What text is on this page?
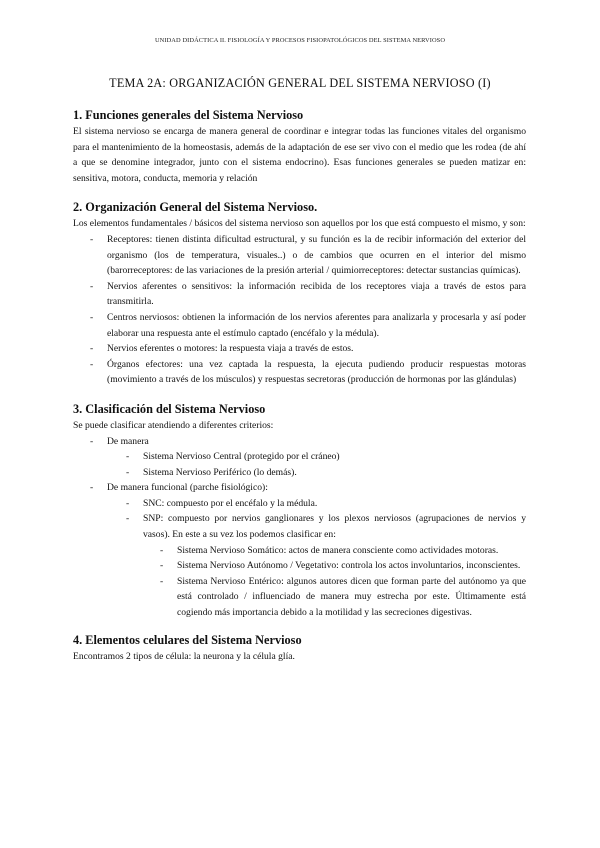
UNIDAD DIDÁCTICA II. FISIOLOGÍA Y PROCESOS FISIOPATOLÓGICOS DEL SISTEMA NERVIOSO
TEMA 2A: ORGANIZACIÓN GENERAL DEL SISTEMA NERVIOSO (I)
1. Funciones generales del Sistema Nervioso

El sistema nervioso se encarga de manera general de coordinar e integrar todas las funciones vitales del organismo para el mantenimiento de la homeostasis, además de la adaptación de ese ser vivo con el medio que les rodea (de ahí a que se denomine integrador, junto con el sistema endocrino). Esas funciones generales se pueden matizar en: sensitiva, motora, conducta, memoria y relación

2. Organización General del Sistema Nervioso.

Los elementos fundamentales / básicos del sistema nervioso son aquellos por los que está compuesto el mismo, y son:

- Receptores: tienen distinta dificultad estructural, y su función es la de recibir información del exterior del organismo (los de temperatura, visuales..) o de cambios que ocurren en el interior del mismo (barorreceptores: de las variaciones de la presión arterial / quimiorreceptores: detectar sustancias químicas).
- Nervios aferentes o sensitivos: la información recibida de los receptores viaja a través de estos para transmitirla.
- Centros nerviosos: obtienen la información de los nervios aferentes para analizarla y procesarla y así poder elaborar una respuesta ante el estímulo captado (encéfalo y la médula).
- Nervios eferentes o motores: la respuesta viaja a través de estos.
- Órganos efectores: una vez captada la respuesta, la ejecuta pudiendo producir respuestas motoras (movimiento a través de los músculos) y respuestas secretoras (producción de hormonas por las glándulas)
3. Clasificación del Sistema Nervioso

Se puede clasificar atendiendo a diferentes criterios:

- De manera
- Sistema Nervioso Central (protegido por el cráneo)
- Sistema Nervioso Periférico (lo demás).
- De manera funcional (parche fisiológico):
- SNC: compuesto por el encéfalo y la médula.
- SNP: compuesto por nervios ganglionares y los plexos nerviosos (agrupaciones de nervios y vasos). En este a su vez los podemos clasificar en:
- Sistema Nervioso Somático: actos de manera consciente como actividades motoras.
- Sistema Nervioso Autónomo / Vegetativo: controla los actos involuntarios, inconscientes.
- Sistema Nervioso Entérico: algunos autores dicen que forman parte del autónomo ya que está controlado / influenciado de manera muy estrecha por este. Últimamente está cogiendo más importancia debido a la motilidad y las secreciones digestivas.
4. Elementos celulares del Sistema Nervioso

Encontramos 2 tipos de célula: la neurona y la célula glía.
